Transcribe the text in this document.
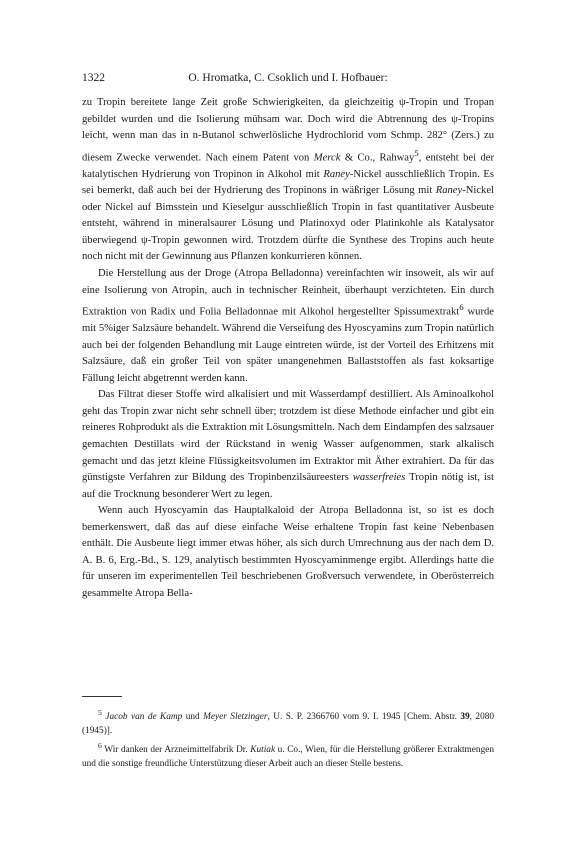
1322	O. Hromatka, C. Csoklich und I. Hofbauer:

zu Tropin bereitete lange Zeit große Schwierigkeiten, da gleichzeitig ψ-Tropin und Tropan gebildet wurden und die Isolierung mühsam war. Doch wird die Abtrennung des ψ-Tropins leicht, wenn man das in n-Butanol schwerlösliche Hydrochlorid vom Schmp. 282° (Zers.) zu diesem Zwecke verwendet. Nach einem Patent von Merck & Co., Rahway$^5$, entsteht bei der katalytischen Hydrierung von Tropinon in Alkohol mit Raney-Nickel ausschließlich Tropin. Es sei bemerkt, daß auch bei der Hydrierung des Tropinons in wäßriger Lösung mit Raney-Nickel oder Nickel auf Bimsstein und Kieselgur ausschließlich Tropin in fast quantitativer Ausbeute entsteht, während in mineralsaurer Lösung und Platinoxyd oder Platinkohle als Katalysator überwiegend ψ-Tropin gewonnen wird. Trotzdem dürfte die Synthese des Tropins auch heute noch nicht mit der Gewinnung aus Pflanzen konkurrieren können.

Die Herstellung aus der Droge (Atropa Belladonna) vereinfachten wir insoweit, als wir auf eine Isolierung von Atropin, auch in technischer Reinheit, überhaupt verzichteten. Ein durch Extraktion von Radix und Folia Belladonnae mit Alkohol hergestellter Spissumextrakt$^6$ wurde mit 5%iger Salzsäure behandelt. Während die Verseifung des Hyoscyamins zum Tropin natürlich auch bei der folgenden Behandlung mit Lauge eintreten würde, ist der Vorteil des Erhitzens mit Salzsäure, daß ein großer Teil von später unangenehmen Ballaststoffen als fast koksartige Fällung leicht abgetrennt werden kann.

Das Filtrat dieser Stoffe wird alkalisiert und mit Wasserdampf destilliert. Als Aminoalkohol geht das Tropin zwar nicht sehr schnell über; trotzdem ist diese Methode einfacher und gibt ein reineres Rohprodukt als die Extraktion mit Lösungsmitteln. Nach dem Eindampfen des salzsauer gemachten Destillats wird der Rückstand in wenig Wasser aufgenommen, stark alkalisch gemacht und das jetzt kleine Flüssigkeitsvolumen im Extraktor mit Äther extrahiert. Da für das günstigste Verfahren zur Bildung des Tropinbenzilsäureesters wasserfreies Tropin nötig ist, ist auf die Trocknung besonderer Wert zu legen.

Wenn auch Hyoscyamin das Hauptalkaloid der Atropa Belladonna ist, so ist es doch bemerkenswert, daß das auf diese einfache Weise erhaltene Tropin fast keine Nebenbasen enthält. Die Ausbeute liegt immer etwas höher, als sich durch Umrechnung aus der nach dem D. A. B. 6, Erg.-Bd., S. 129, analytisch bestimmten Hyoscyaminmenge ergibt. Allerdings hatte die für unseren im experimentellen Teil beschriebenen Großversuch verwendete, in Oberösterreich gesammelte Atropa Bella-

$^5$ Jacob van de Kamp und Meyer Sletzinger, U. S. P. 2366760 vom 9. I. 1945 [Chem. Abstr. 39, 2080 (1945)].

$^6$ Wir danken der Arzneimittelfabrik Dr. Kutiak u. Co., Wien, für die Herstellung größerer Extraktmengen und die sonstige freundliche Unterstützung dieser Arbeit auch an dieser Stelle bestens.
